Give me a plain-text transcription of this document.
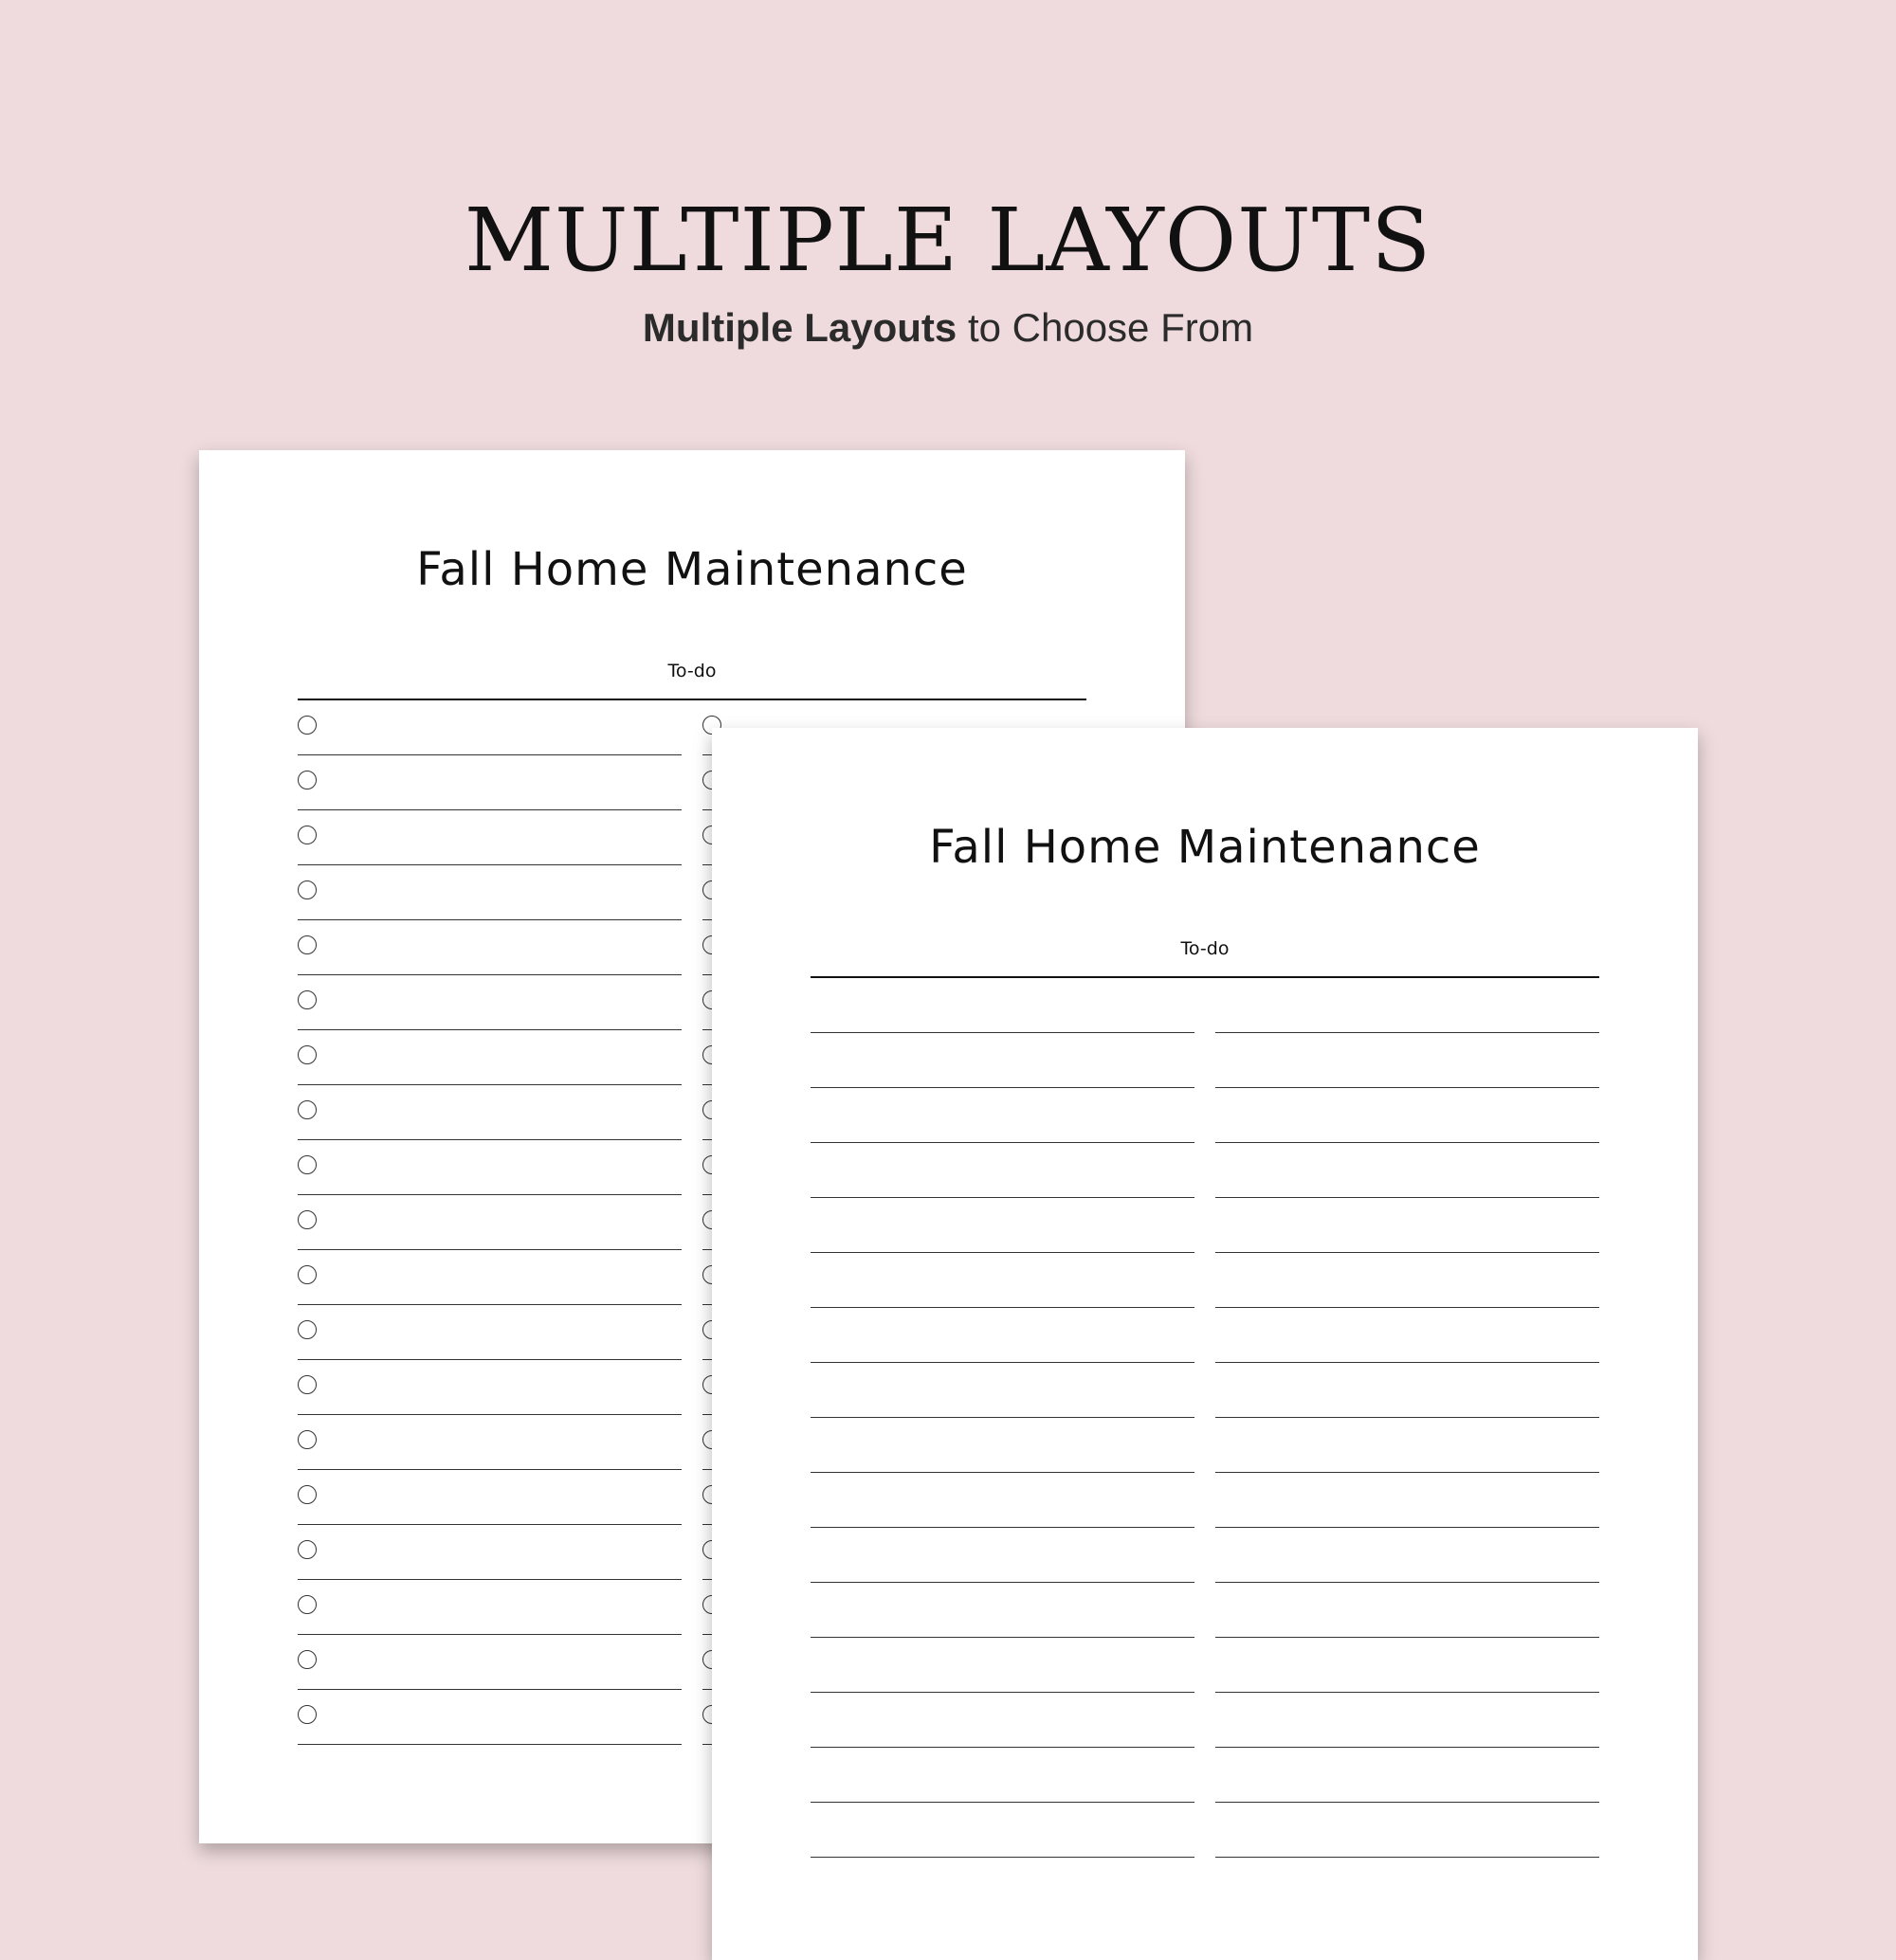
MULTIPLE LAYOUTS

Multiple Layouts to Choose From

Fall Home Maintenance
To-do
Fall Home Maintenance
To-do
